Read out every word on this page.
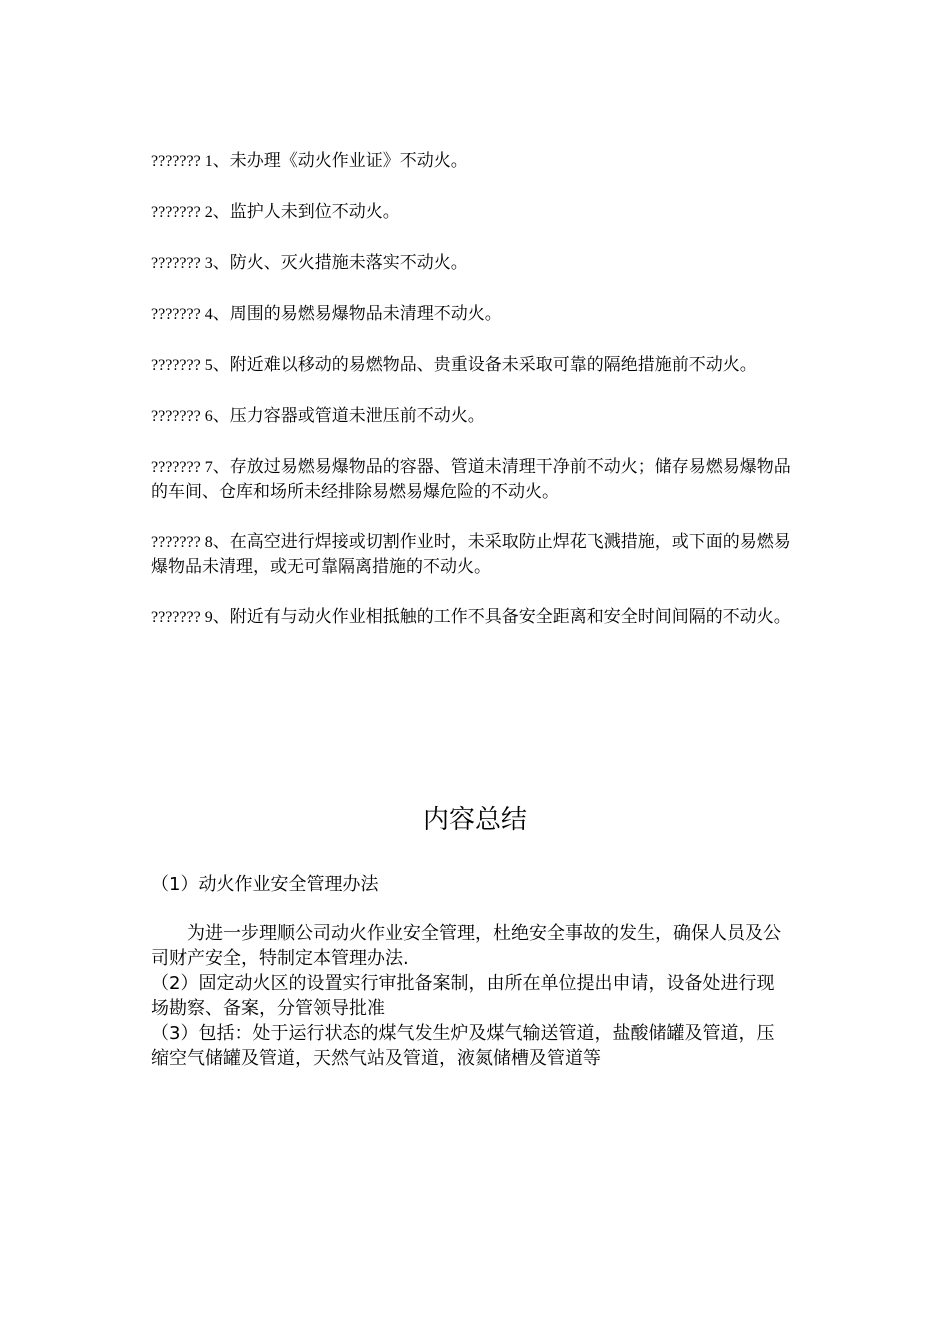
??????? 1、未办理《动火作业证》不动火。

??????? 2、监护人未到位不动火。

??????? 3、防火、灭火措施未落实不动火。

??????? 4、周围的易燃易爆物品未清理不动火。

??????? 5、附近难以移动的易燃物品、贵重设备未采取可靠的隔绝措施前不动火。

??????? 6、压力容器或管道未泄压前不动火。

??????? 7、存放过易燃易爆物品的容器、管道未清理干净前不动火；储存易燃易爆物品的车间、仓库和场所未经排除易燃易爆危险的不动火。

??????? 8、在高空进行焊接或切割作业时，未采取防止焊花飞溅措施，或下面的易燃易爆物品未清理，或无可靠隔离措施的不动火。

??????? 9、附近有与动火作业相抵触的工作不具备安全距离和安全时间间隔的不动火。

内容总结

（1）动火作业安全管理办法

为进一步理顺公司动火作业安全管理，杜绝安全事故的发生，确保人员及公司财产安全，特制定本管理办法.

（2）固定动火区的设置实行审批备案制，由所在单位提出申请，设备处进行现场勘察、备案，分管领导批准

（3）包括：处于运行状态的煤气发生炉及煤气输送管道，盐酸储罐及管道，压缩空气储罐及管道，天然气站及管道，液氮储槽及管道等
